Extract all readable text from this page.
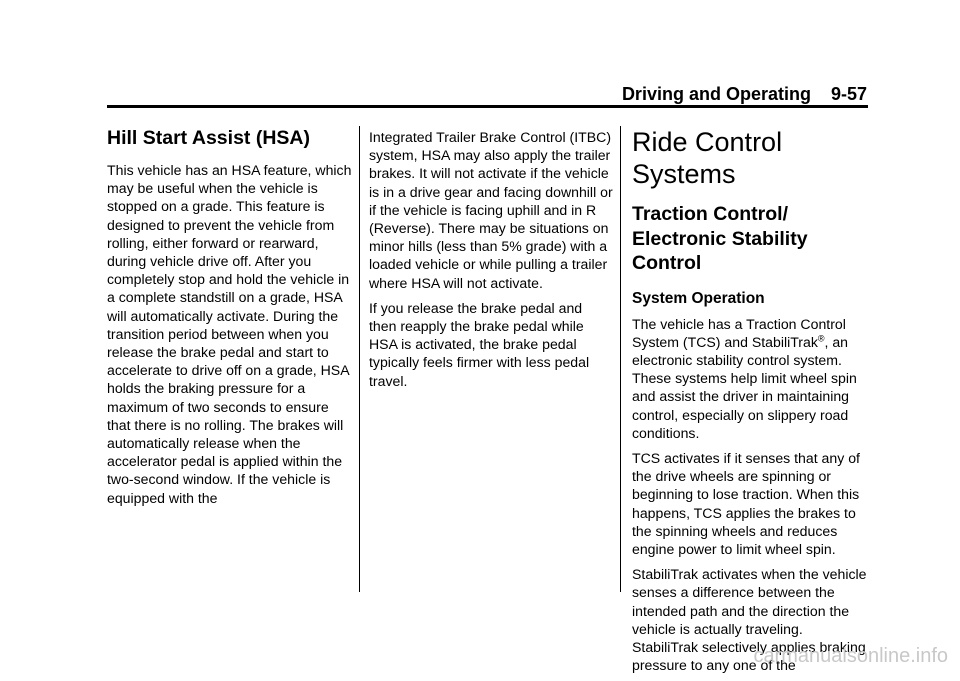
Driving and Operating 9-57
Hill Start Assist (HSA)

This vehicle has an HSA feature, which may be useful when the vehicle is stopped on a grade. This feature is designed to prevent the vehicle from rolling, either forward or rearward, during vehicle drive off. After you completely stop and hold the vehicle in a complete standstill on a grade, HSA will automatically activate. During the transition period between when you release the brake pedal and start to accelerate to drive off on a grade, HSA holds the braking pressure for a maximum of two seconds to ensure that there is no rolling. The brakes will automatically release when the accelerator pedal is applied within the two-second window. If the vehicle is equipped with the

Integrated Trailer Brake Control (ITBC) system, HSA may also apply the trailer brakes. It will not activate if the vehicle is in a drive gear and facing downhill or if the vehicle is facing uphill and in R (Reverse). There may be situations on minor hills (less than 5% grade) with a loaded vehicle or while pulling a trailer where HSA will not activate.

If you release the brake pedal and then reapply the brake pedal while HSA is activated, the brake pedal typically feels firmer with less pedal travel.

Ride Control Systems
Traction Control/ Electronic Stability Control
System Operation

The vehicle has a Traction Control System (TCS) and StabiliTrak®, an electronic stability control system. These systems help limit wheel spin and assist the driver in maintaining control, especially on slippery road conditions.

TCS activates if it senses that any of the drive wheels are spinning or beginning to lose traction. When this happens, TCS applies the brakes to the spinning wheels and reduces engine power to limit wheel spin.

StabiliTrak activates when the vehicle senses a difference between the intended path and the direction the vehicle is actually traveling. StabiliTrak selectively applies braking pressure to any one of the

carmanualsonline.info
